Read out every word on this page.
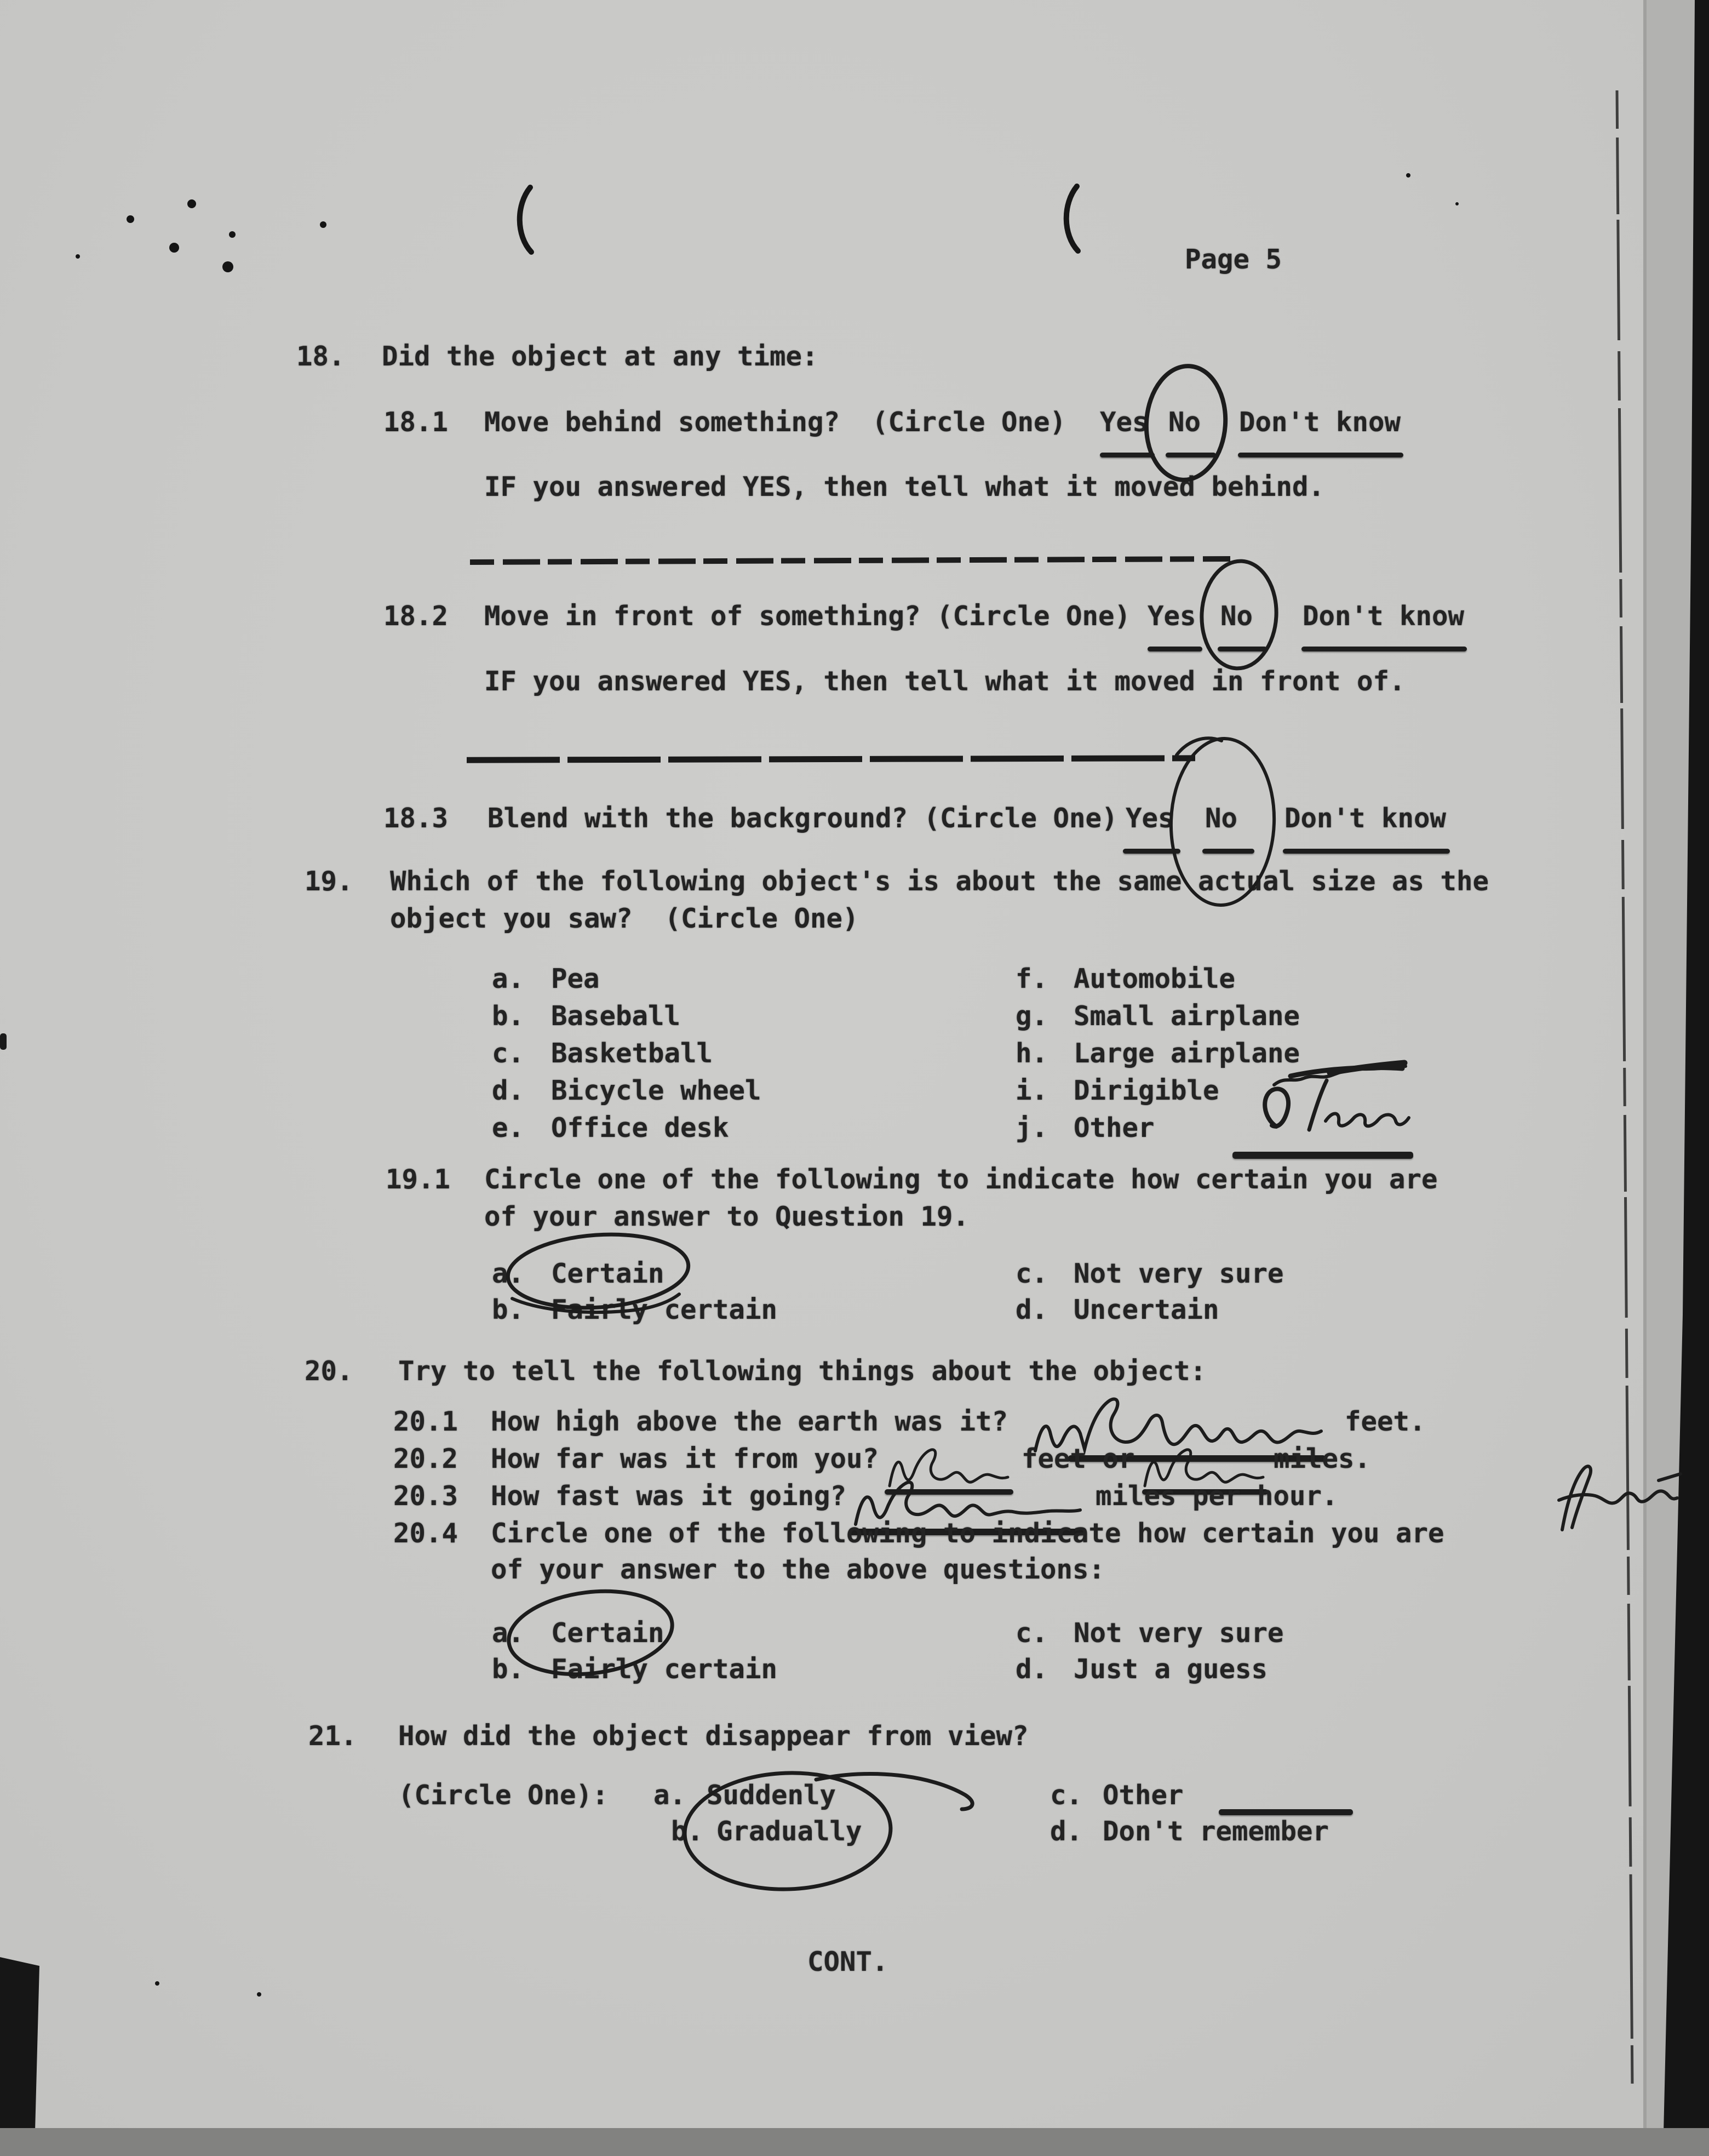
Page 5
18. Did the object at any time:
18.1 Move behind something?  (Circle One) Yes No Don't know
IF you answered YES, then tell what it moved behind.
18.2 Move in front of something? (Circle One) Yes No Don't know
IF you answered YES, then tell what it moved in front of.
18.3 Blend with the background? (Circle One) Yes No Don't know
19. Which of the following object's is about the same actual size as the
object you saw?  (Circle One)
a. Pea
b. Baseball
c. Basketball
d. Bicycle wheel
e. Office desk
f. Automobile
g. Small airplane
h. Large airplane
i. Dirigible
j. Other
19.1 Circle one of the following to indicate how certain you are
of your answer to Question 19.
a. Certain
b. Fairly certain
c. Not very sure
d. Uncertain
20. Try to tell the following things about the object:
20.1 How high above the earth was it?	feet.
20.2 How far was it from you?	feet or	miles.
20.3 How fast was it going?	miles per hour.
20.4 Circle one of the following to indicate how certain you are
of your answer to the above questions:
a. Certain
b. Fairly certain
c. Not very sure
d. Just a guess
21. How did the object disappear from view?
(Circle One): a. Suddenly	c. Other
b. Gradually	d. Don't remember
CONT.
